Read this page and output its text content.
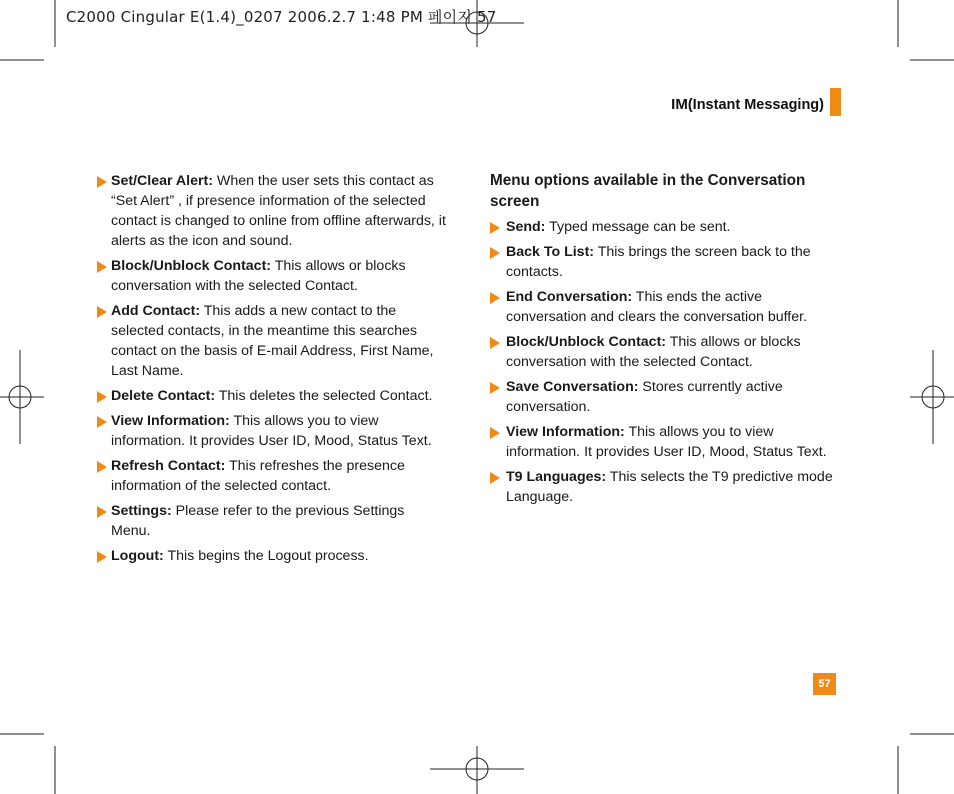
C2000 Cingular E(1.4)_0207 2006.2.7 1:48 PM 페이지 57
IM(Instant Messaging)
Set/Clear Alert: When the user sets this contact as “Set Alert” , if presence information of the selected contact is changed to online from offline afterwards, it alerts as the icon and sound.
Block/Unblock Contact: This allows or blocks conversation with the selected Contact.
Add Contact: This adds a new contact to the selected contacts, in the meantime this searches contact on the basis of E-mail Address, First Name, Last Name.
Delete Contact: This deletes the selected Contact.
View Information: This allows you to view information. It provides User ID, Mood, Status Text.
Refresh Contact: This refreshes the presence information of the selected contact.
Settings: Please refer to the previous Settings Menu.
Logout: This begins the Logout process.
Menu options available in the Conversation screen
Send: Typed message can be sent.
Back To List: This brings the screen back to the contacts.
End Conversation: This ends the active conversation and clears the conversation buffer.
Block/Unblock Contact: This allows or blocks conversation with the selected Contact.
Save Conversation: Stores currently active conversation.
View Information: This allows you to view information. It provides User ID, Mood, Status Text.
T9 Languages: This selects the T9 predictive mode Language.
57
